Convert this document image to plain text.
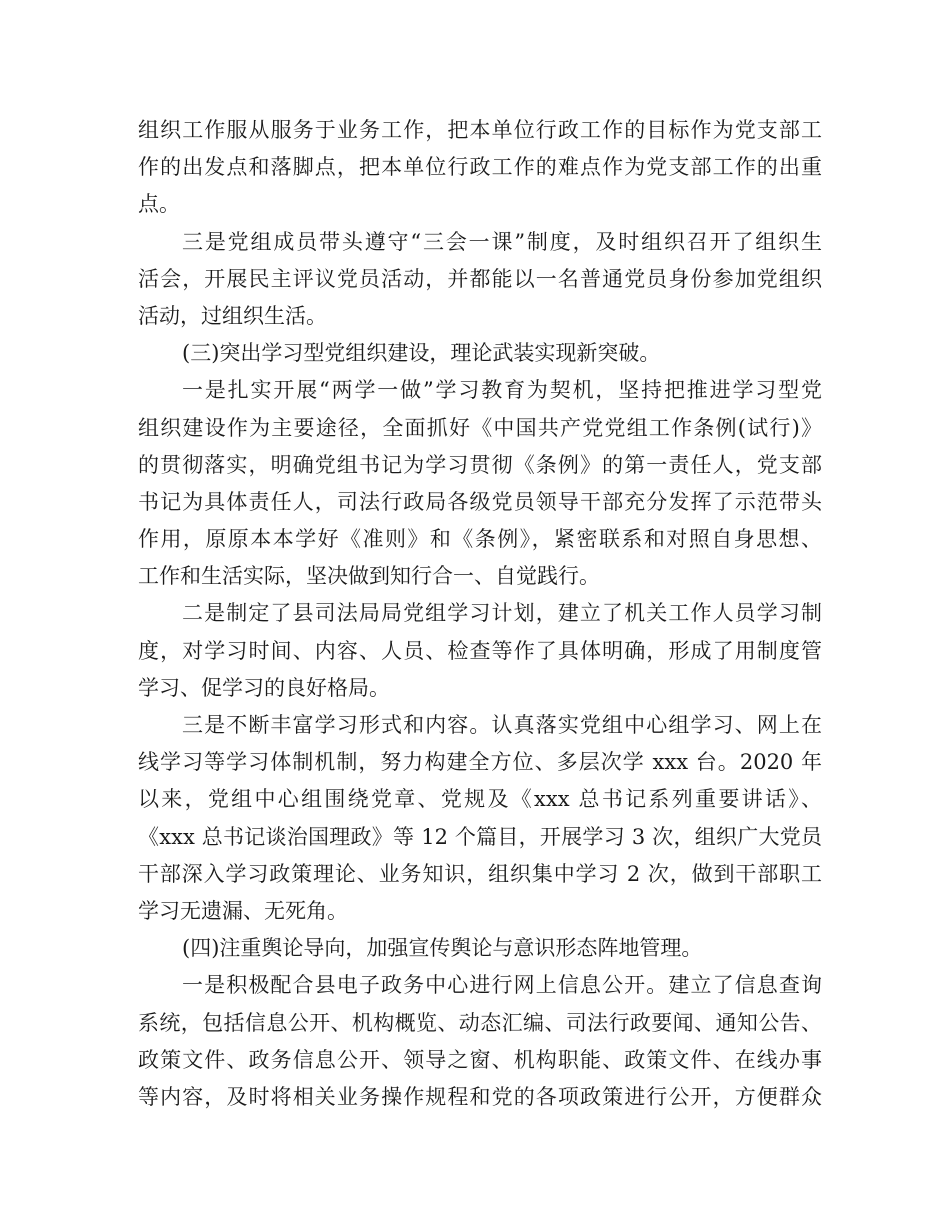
组织工作服从服务于业务工作，把本单位行政工作的目标作为党支部工
作的出发点和落脚点，把本单位行政工作的难点作为党支部工作的出重
点。
三是党组成员带头遵守“三会一课”制度，及时组织召开了组织生
活会，开展民主评议党员活动，并都能以一名普通党员身份参加党组织
活动，过组织生活。
(三)突出学习型党组织建设，理论武装实现新突破。
一是扎实开展“两学一做”学习教育为契机，坚持把推进学习型党
组织建设作为主要途径，全面抓好《中国共产党党组工作条例(试行)》
的贯彻落实，明确党组书记为学习贯彻《条例》的第一责任人，党支部
书记为具体责任人，司法行政局各级党员领导干部充分发挥了示范带头
作用，原原本本学好《准则》和《条例》，紧密联系和对照自身思想、
工作和生活实际，坚决做到知行合一、自觉践行。
二是制定了县司法局局党组学习计划，建立了机关工作人员学习制
度，对学习时间、内容、人员、检查等作了具体明确，形成了用制度管
学习、促学习的良好格局。
三是不断丰富学习形式和内容。认真落实党组中心组学习、网上在
线学习等学习体制机制，努力构建全方位、多层次学 xxx 台。2020 年
以来，党组中心组围绕党章、党规及《xxx 总书记系列重要讲话》、
《xxx 总书记谈治国理政》等 12 个篇目，开展学习 3 次，组织广大党员
干部深入学习政策理论、业务知识，组织集中学习 2 次，做到干部职工
学习无遗漏、无死角。
(四)注重舆论导向，加强宣传舆论与意识形态阵地管理。
一是积极配合县电子政务中心进行网上信息公开。建立了信息查询
系统，包括信息公开、机构概览、动态汇编、司法行政要闻、通知公告、
政策文件、政务信息公开、领导之窗、机构职能、政策文件、在线办事
等内容，及时将相关业务操作规程和党的各项政策进行公开，方便群众
